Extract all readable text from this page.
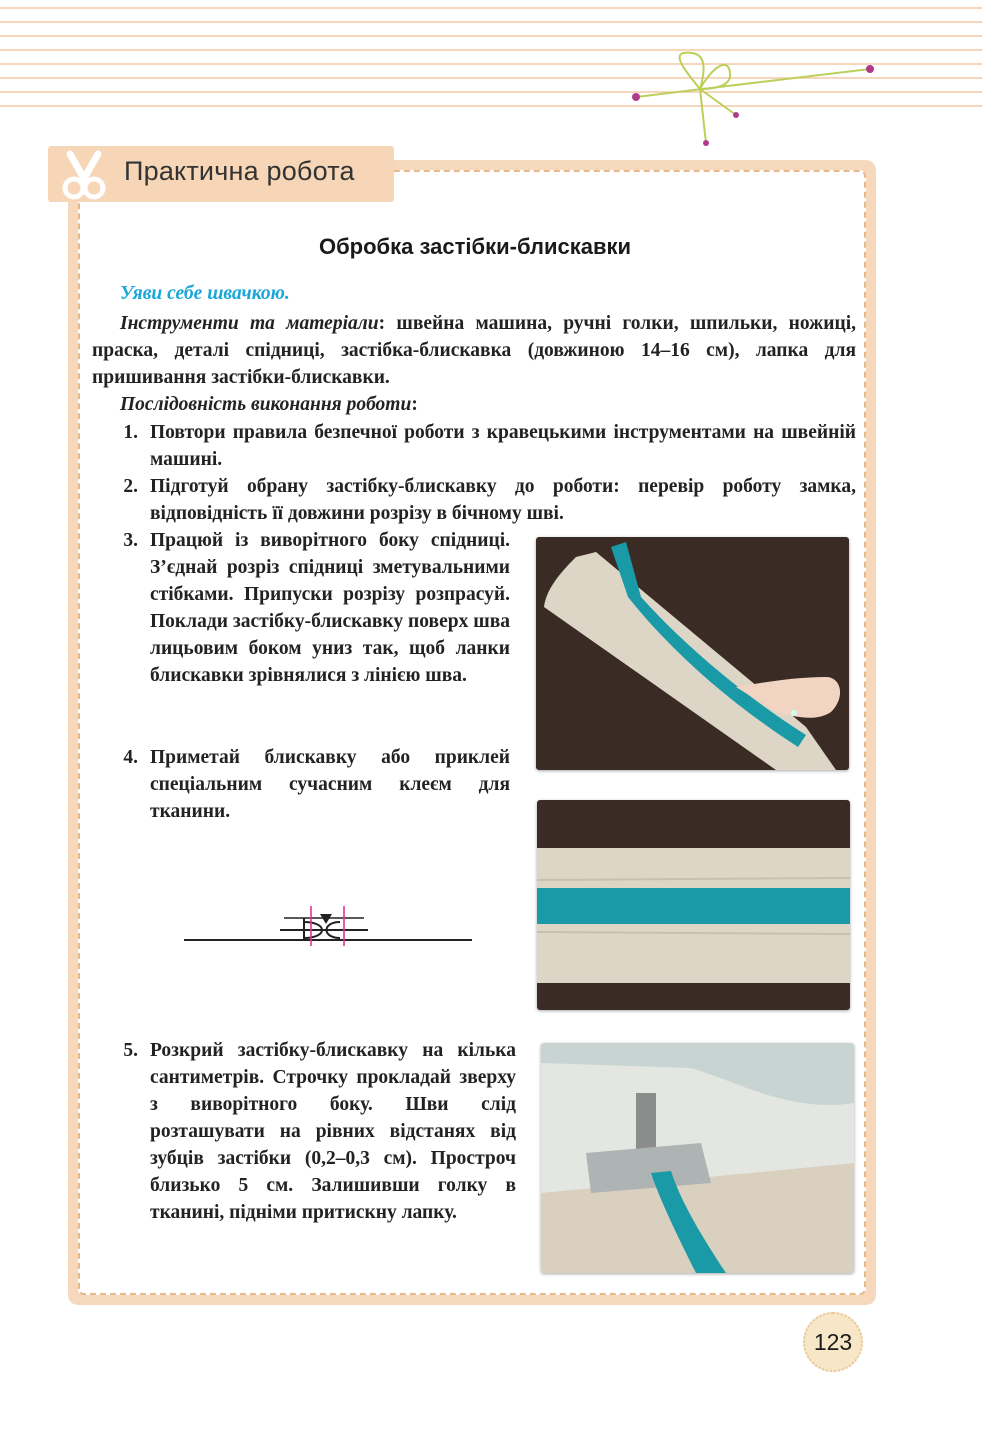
Практична робота
Обробка застібки-блискавки
Уяви себе швачкою.
Інструменти та матеріали: швейна машина, ручні голки, шпильки, ножиці, праска, деталі спідниці, застібка-блискавка (довжиною 14–16 см), лапка для пришивання застібки-блискавки.
Послідовність виконання роботи:
1. Повтори правила безпечної роботи з кравецькими інструментами на швейній машині.
2. Підготуй обрану застібку-блискавку до роботи: перевір роботу замка, відповідність її довжини розрізу в бічному шві.
3. Працюй із виворітного боку спідниці. З’єднай розріз спідниці зметувальними стібками. Припуски розрізу розпрасуй. Поклади застібку-блискавку поверх шва лицьовим боком униз так, щоб ланки блискавки зрівнялися з лінією шва.
4. Приметай блискавку або приклей спеціальним сучасним клеєм для тканини.
5. Розкрий застібку-блискавку на кілька сантиметрів. Строчку прокладай зверху з виворітного боку. Шви слід розташувати на рівних відстанях від зубців застібки (0,2–0,3 см). Простроч близько 5 см. Залишивши голку в тканині, підніми притискну лапку.
123
